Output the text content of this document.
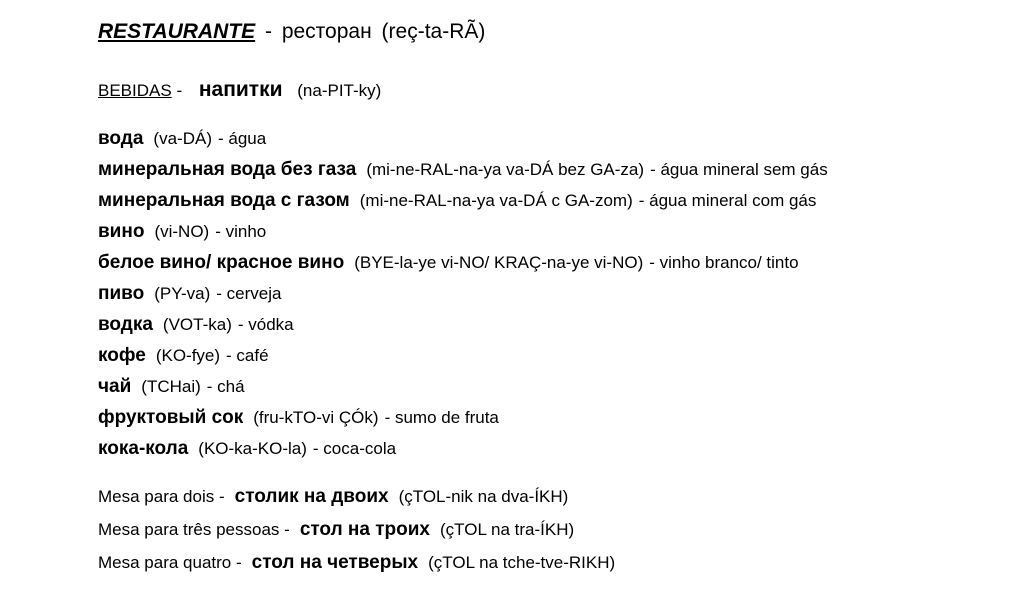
RESTAURANTE - ресторан (reç-ta-RÃ)
BEBIDAS - напитки (na-PIT-ky)
вода (va-DÁ) - água
минеральная вода без газа (mi-ne-RAL-na-ya va-DÁ bez GA-za) - água mineral sem gás
минеральная вода с газом (mi-ne-RAL-na-ya va-DÁ c GA-zom) - água mineral com gás
вино (vi-NO) - vinho
белое вино/ красное вино (BYE-la-ye vi-NO/ KRAÇ-na-ye vi-NO) - vinho branco/ tinto
пиво (PY-va) - cerveja
водка (VOT-ka) - vódka
кофе (KO-fye) - café
чай (TCHai) - chá
фруктовый сок (fru-kTO-vi ÇÓk) - sumo de fruta
кока-кола (KO-ka-KO-la) - coca-cola
Mesa para dois - столик на двоих (çTOL-nik na dva-ÍKH)
Mesa para três pessoas - стол на троих (çTOL na tra-ÍKH)
Mesa para quatro - стол на четверых (çTOL na tche-tve-RIKH)
